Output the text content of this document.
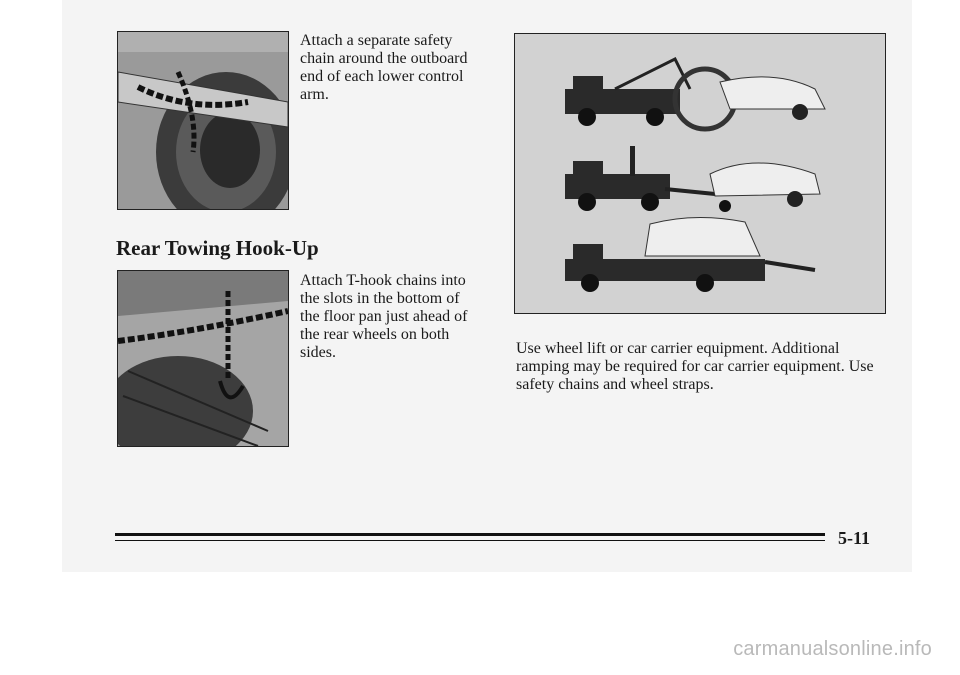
Attach a separate safety
chain around the outboard
end of each lower control
arm.

Rear Towing Hook-Up

Attach T-hook chains into
the slots in the bottom of
the floor pan just ahead of
the rear wheels on both
sides.	Use wheel lift or car carrier equipment. Additional
ramping may be required for car carrier equipment. Use
safety chains and wheel straps.

5-11
carmanualsonline.info
